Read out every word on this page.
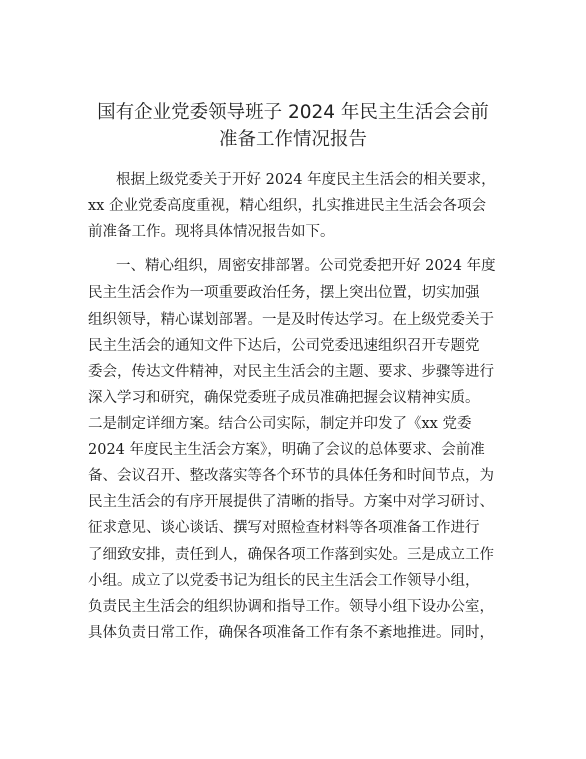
国有企业党委领导班子 2024 年民主生活会会前
准备工作情况报告
根据上级党委关于开好 2024 年度民主生活会的相关要求，
xx 企业党委高度重视，精心组织，扎实推进民主生活会各项会
前准备工作。现将具体情况报告如下。
一、精心组织，周密安排部署。公司党委把开好 2024 年度
民主生活会作为一项重要政治任务，摆上突出位置，切实加强
组织领导，精心谋划部署。一是及时传达学习。在上级党委关于
民主生活会的通知文件下达后，公司党委迅速组织召开专题党
委会，传达文件精神，对民主生活会的主题、要求、步骤等进行
深入学习和研究，确保党委班子成员准确把握会议精神实质。
二是制定详细方案。结合公司实际，制定并印发了《xx 党委
2024 年度民主生活会方案》，明确了会议的总体要求、会前准
备、会议召开、整改落实等各个环节的具体任务和时间节点，为
民主生活会的有序开展提供了清晰的指导。方案中对学习研讨、
征求意见、谈心谈话、撰写对照检查材料等各项准备工作进行
了细致安排，责任到人，确保各项工作落到实处。三是成立工作
小组。成立了以党委书记为组长的民主生活会工作领导小组，
负责民主生活会的组织协调和指导工作。领导小组下设办公室，
具体负责日常工作，确保各项准备工作有条不紊地推进。同时，
